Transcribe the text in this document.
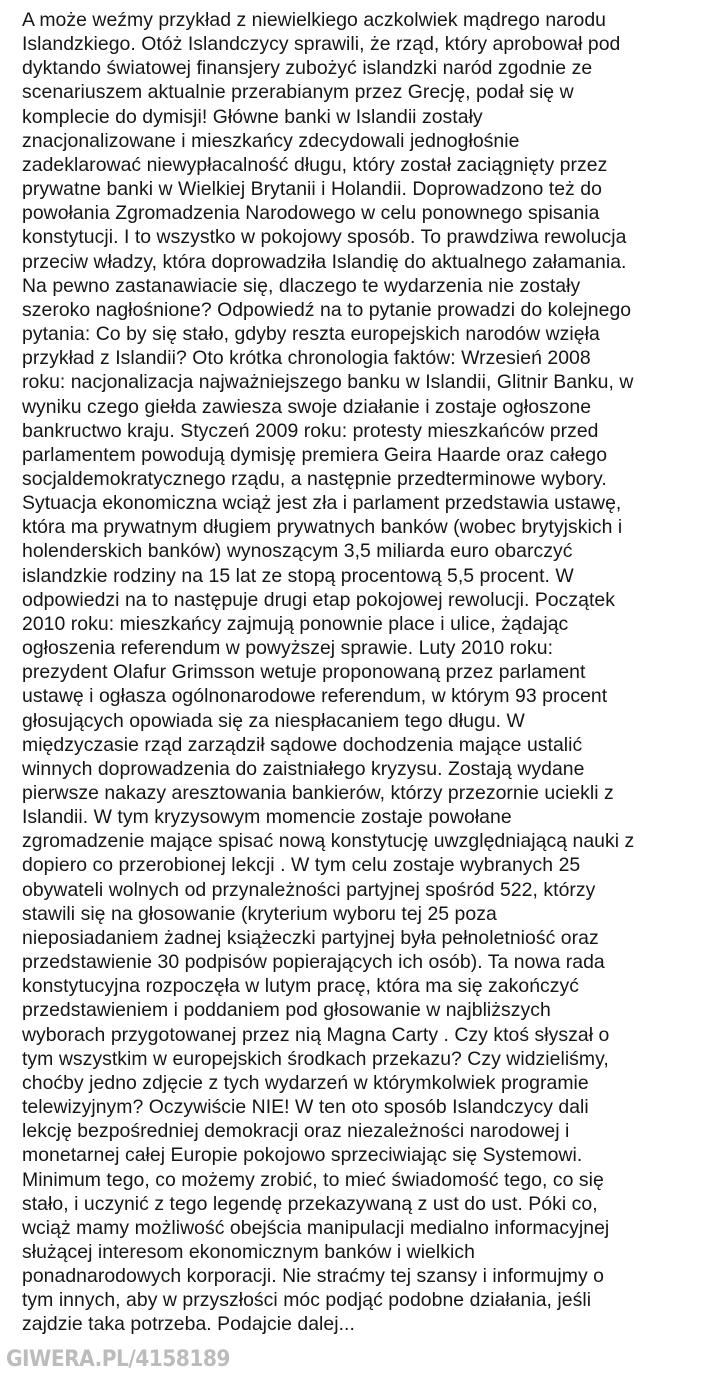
A może weźmy przykład z niewielkiego aczkolwiek mądrego narodu
Islandzkiego. Otóż Islandczycy sprawili, że rząd, który aprobował pod
dyktando światowej finansjery zubożyć islandzki naród zgodnie ze
scenariuszem aktualnie przerabianym przez Grecję, podał się w
komplecie do dymisji! Główne banki w Islandii zostały
znacjonalizowane i mieszkańcy zdecydowali jednogłośnie
zadeklarować niewypłacalność długu, który został zaciągnięty przez
prywatne banki w Wielkiej Brytanii i Holandii. Doprowadzono też do
powołania Zgromadzenia Narodowego w celu ponownego spisania
konstytucji. I to wszystko w pokojowy sposób. To prawdziwa rewolucja
przeciw władzy, która doprowadziła Islandię do aktualnego załamania.
Na pewno zastanawiacie się, dlaczego te wydarzenia nie zostały
szeroko nagłośnione? Odpowiedź na to pytanie prowadzi do kolejnego
pytania: Co by się stało, gdyby reszta europejskich narodów wzięła
przykład z Islandii? Oto krótka chronologia faktów: Wrzesień 2008
roku: nacjonalizacja najważniejszego banku w Islandii, Glitnir Banku, w
wyniku czego giełda zawiesza swoje działanie i zostaje ogłoszone
bankructwo kraju. Styczeń 2009 roku: protesty mieszkańców przed
parlamentem powodują dymisję premiera Geira Haarde oraz całego
socjaldemokratycznego rządu, a następnie przedterminowe wybory.
Sytuacja ekonomiczna wciąż jest zła i parlament przedstawia ustawę,
która ma prywatnym długiem prywatnych banków (wobec brytyjskich i
holenderskich banków) wynoszącym 3,5 miliarda euro obarczyć
islandzkie rodziny na 15 lat ze stopą procentową 5,5 procent. W
odpowiedzi na to następuje drugi etap pokojowej rewolucji. Początek
2010 roku: mieszkańcy zajmują ponownie place i ulice, żądając
ogłoszenia referendum w powyższej sprawie. Luty 2010 roku:
prezydent Olafur Grimsson wetuje proponowaną przez parlament
ustawę i ogłasza ogólnonarodowe referendum, w którym 93 procent
głosujących opowiada się za niespłacaniem tego długu. W
międzyczasie rząd zarządził sądowe dochodzenia mające ustalić
winnych doprowadzenia do zaistniałego kryzysu. Zostają wydane
pierwsze nakazy aresztowania bankierów, którzy przezornie uciekli z
Islandii. W tym kryzysowym momencie zostaje powołane
zgromadzenie mające spisać nową konstytucję uwzględniającą nauki z
dopiero co przerobionej lekcji . W tym celu zostaje wybranych 25
obywateli wolnych od przynależności partyjnej spośród 522, którzy
stawili się na głosowanie (kryterium wyboru tej 25 poza
nieposiadaniem żadnej książeczki partyjnej była pełnoletniość oraz
przedstawienie 30 podpisów popierających ich osób). Ta nowa rada
konstytucyjna rozpoczęła w lutym pracę, która ma się zakończyć
przedstawieniem i poddaniem pod głosowanie w najbliższych
wyborach przygotowanej przez nią Magna Carty . Czy ktoś słyszał o
tym wszystkim w europejskich środkach przekazu? Czy widzieliśmy,
choćby jedno zdjęcie z tych wydarzeń w którymkolwiek programie
telewizyjnym? Oczywiście NIE! W ten oto sposób Islandczycy dali
lekcję bezpośredniej demokracji oraz niezależności narodowej i
monetarnej całej Europie pokojowo sprzeciwiając się Systemowi.
Minimum tego, co możemy zrobić, to mieć świadomość tego, co się
stało, i uczynić z tego legendę przekazywaną z ust do ust. Póki co,
wciąż mamy możliwość obejścia manipulacji medialno informacyjnej
służącej interesom ekonomicznym banków i wielkich
ponadnarodowych korporacji. Nie straćmy tej szansy i informujmy o
tym innych, aby w przyszłości móc podjąć podobne działania, jeśli
zajdzie taka potrzeba. Podajcie dalej...

GIWERA.PL/4158189
